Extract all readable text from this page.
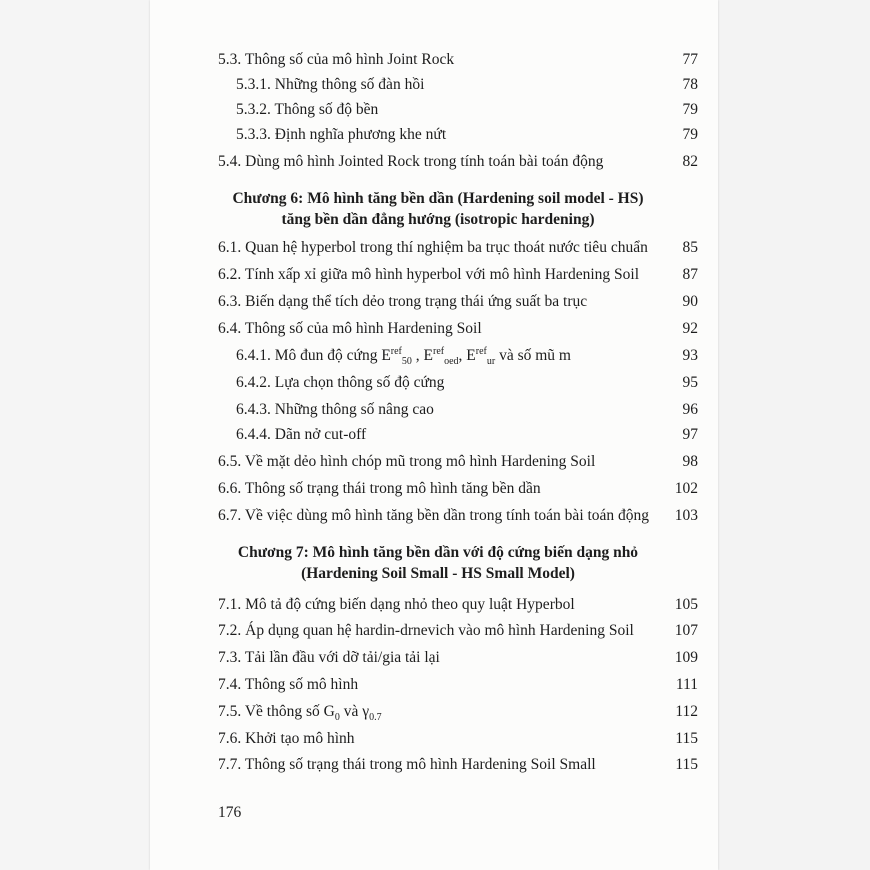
5.3. Thông số của mô hình Joint Rock	77
5.3.1. Những thông số đàn hồi	78
5.3.2. Thông số độ bền	79
5.3.3. Định nghĩa phương khe nứt	79
5.4. Dùng mô hình Jointed Rock trong tính toán bài toán động	82
Chương 6: Mô hình tăng bền dần (Hardening soil model - HS)
tăng bền dần đẳng hướng (isotropic hardening)
6.1. Quan hệ hyperbol trong thí nghiệm ba trục thoát nước tiêu chuẩn 85
6.2. Tính xấp xỉ giữa mô hình hyperbol với mô hình Hardening Soil	87
6.3. Biến dạng thể tích dẻo trong trạng thái ứng suất ba trục	90
6.4. Thông số của mô hình Hardening Soil	92
6.4.1. Mô đun độ cứng $E^{ref}_{50}$ , $E^{ref}_{oed}$, $E^{ref}_{ur}$ và số mũ m	93
6.4.2. Lựa chọn thông số độ cứng	95
6.4.3. Những thông số nâng cao	96
6.4.4. Dãn nở cut-off	97
6.5. Về mặt dẻo hình chóp mũ trong mô hình Hardening Soil	98
6.6. Thông số trạng thái trong mô hình tăng bền dần	102
6.7. Về việc dùng mô hình tăng bền dần trong tính toán bài toán động 103
Chương 7: Mô hình tăng bền dần với độ cứng biến dạng nhỏ
(Hardening Soil Small - HS Small Model)
7.1. Mô tả độ cứng biến dạng nhỏ theo quy luật Hyperbol	105
7.2. Áp dụng quan hệ hardin-drnevich vào mô hình Hardening Soil	107
7.3. Tải lần đầu với dỡ tải/gia tải lại	109
7.4. Thông số mô hình	111
7.5. Về thông số $G_0$ và $\gamma_{0.7}$	112
7.6. Khởi tạo mô hình	115
7.7. Thông số trạng thái trong mô hình Hardening Soil Small	115
176
